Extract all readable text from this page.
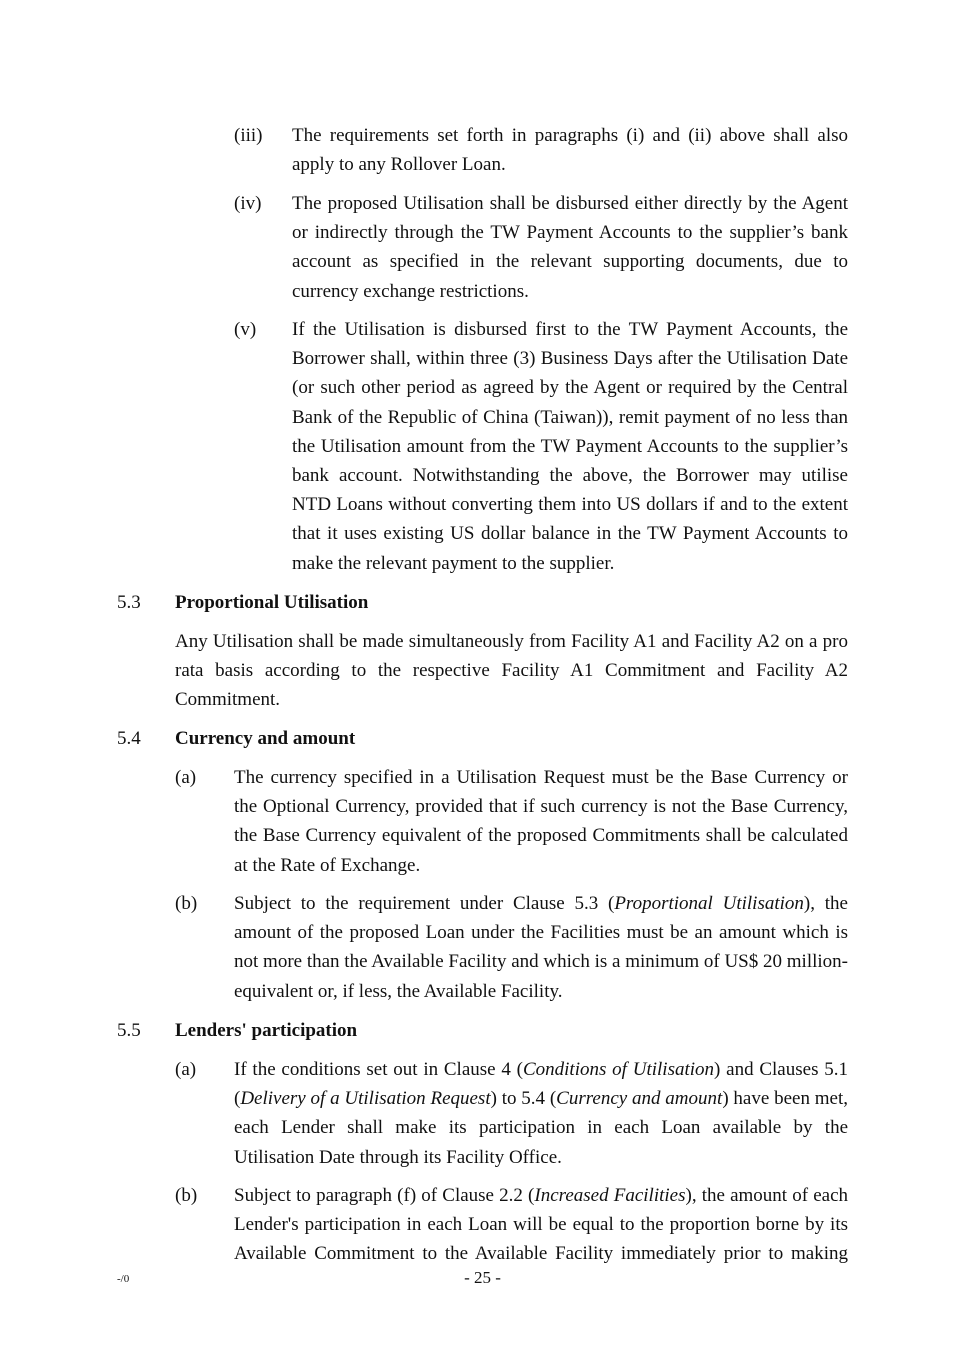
(iii) The requirements set forth in paragraphs (i) and (ii) above shall also apply to any Rollover Loan.

(iv) The proposed Utilisation shall be disbursed either directly by the Agent or indirectly through the TW Payment Accounts to the supplier’s bank account as specified in the relevant supporting documents, due to currency exchange restrictions.

(v) If the Utilisation is disbursed first to the TW Payment Accounts, the Borrower shall, within three (3) Business Days after the Utilisation Date (or such other period as agreed by the Agent or required by the Central Bank of the Republic of China (Taiwan)), remit payment of no less than the Utilisation amount from the TW Payment Accounts to the supplier’s bank account. Notwithstanding the above, the Borrower may utilise NTD Loans without converting them into US dollars if and to the extent that it uses existing US dollar balance in the TW Payment Accounts to make the relevant payment to the supplier.

5.3 Proportional Utilisation

Any Utilisation shall be made simultaneously from Facility A1 and Facility A2 on a pro rata basis according to the respective Facility A1 Commitment and Facility A2 Commitment.

5.4 Currency and amount
(a) The currency specified in a Utilisation Request must be the Base Currency or the Optional Currency, provided that if such currency is not the Base Currency, the Base Currency equivalent of the proposed Commitments shall be calculated at the Rate of Exchange.

(b) Subject to the requirement under Clause 5.3 (Proportional Utilisation), the amount of the proposed Loan under the Facilities must be an amount which is not more than the Available Facility and which is a minimum of US$ 20 million-equivalent or, if less, the Available Facility.

5.5 Lenders' participation
(a) If the conditions set out in Clause 4 (Conditions of Utilisation) and Clauses 5.1 (Delivery of a Utilisation Request) to 5.4 (Currency and amount) have been met, each Lender shall make its participation in each Loan available by the Utilisation Date through its Facility Office.

(b) Subject to paragraph (f) of Clause 2.2 (Increased Facilities), the amount of each Lender's participation in each Loan will be equal to the proportion borne by its Available Commitment to the Available Facility immediately prior to making

-/0	- 25 -
